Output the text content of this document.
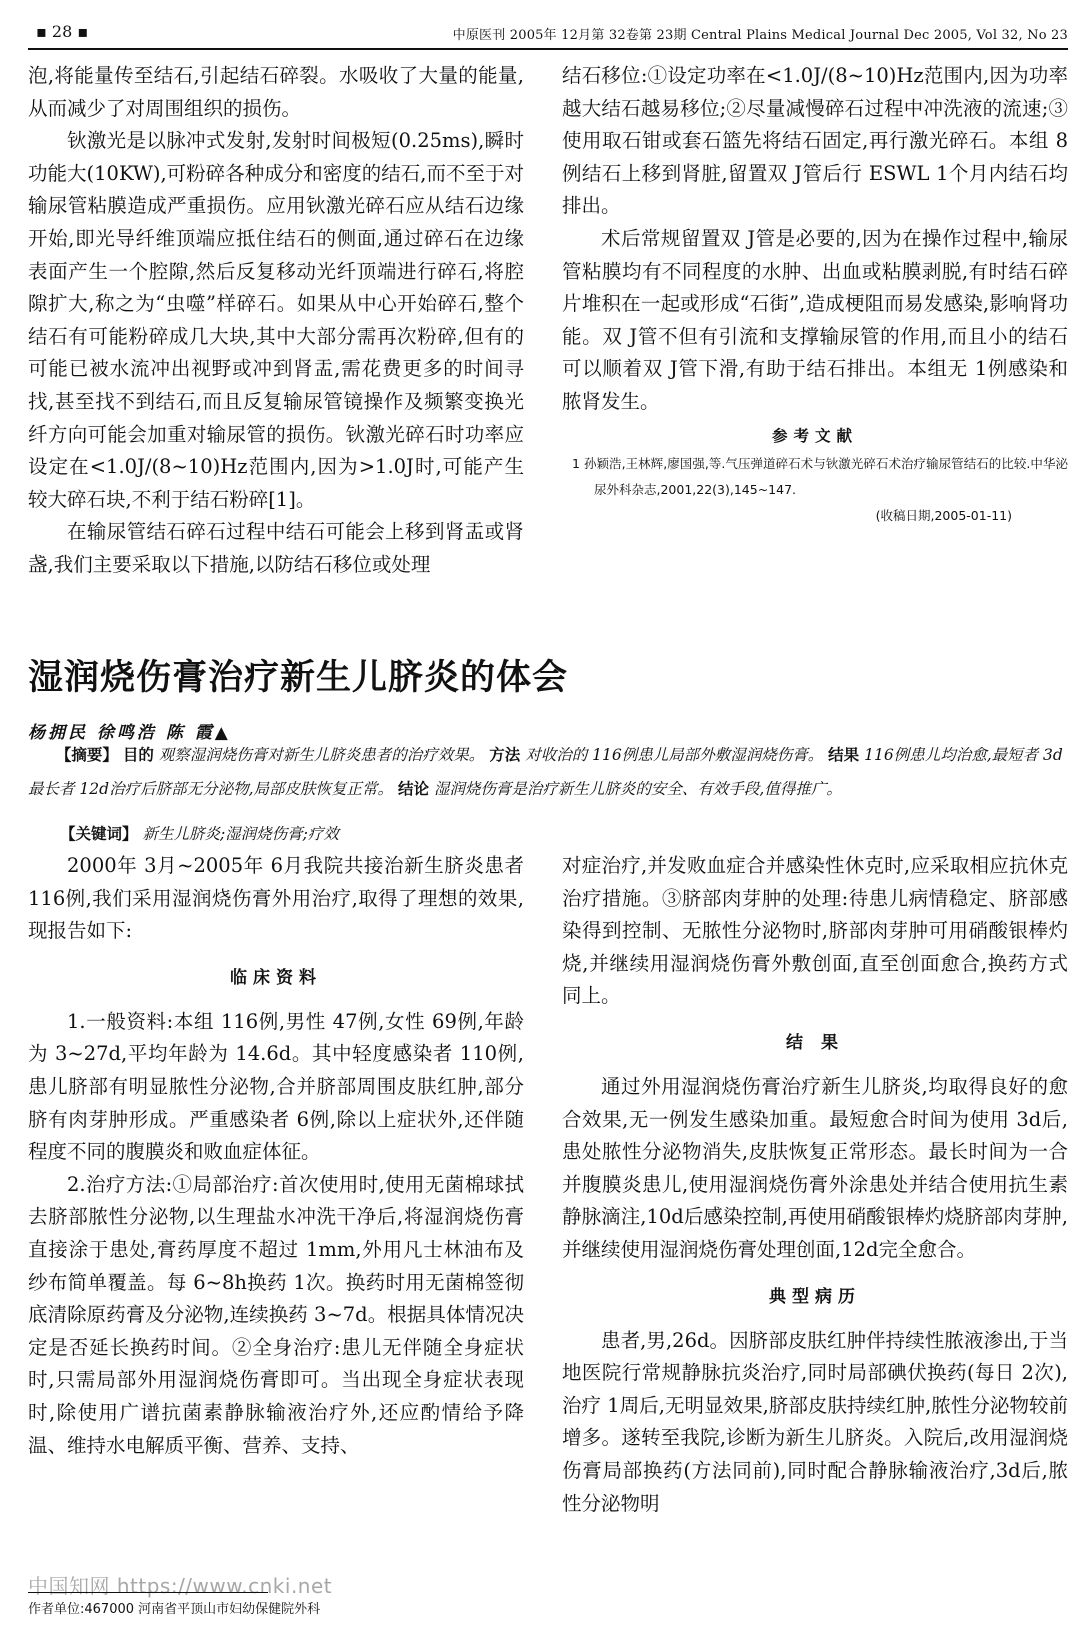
▪ 28 ▪	中原医刊 2005年 12月第 32卷第 23期 Central Plains Medical Journal Dec 2005, Vol 32, No 23

泡,将能量传至结石,引起结石碎裂。水吸收了大量的能量,从而减少了对周围组织的损伤。

钬激光是以脉冲式发射,发射时间极短(0.25ms),瞬时功能大(10KW),可粉碎各种成分和密度的结石,而不至于对输尿管粘膜造成严重损伤。应用钬激光碎石应从结石边缘开始,即光导纤维顶端应抵住结石的侧面,通过碎石在边缘表面产生一个腔隙,然后反复移动光纤顶端进行碎石,将腔隙扩大,称之为“虫噬”样碎石。如果从中心开始碎石,整个结石有可能粉碎成几大块,其中大部分需再次粉碎,但有的可能已被水流冲出视野或冲到肾盂,需花费更多的时间寻找,甚至找不到结石,而且反复输尿管镜操作及频繁变换光纤方向可能会加重对输尿管的损伤。钬激光碎石时功率应设定在<1.0J/(8~10)Hz范围内,因为>1.0J时,可能产生较大碎石块,不利于结石粉碎[1]。

在输尿管结石碎石过程中结石可能会上移到肾盂或肾盏,我们主要采取以下措施,以防结石移位或处理

结石移位:①设定功率在<1.0J/(8~10)Hz范围内,因为功率越大结石越易移位;②尽量减慢碎石过程中冲洗液的流速;③使用取石钳或套石篮先将结石固定,再行激光碎石。本组 8例结石上移到肾脏,留置双 J管后行 ESWL 1个月内结石均排出。

术后常规留置双 J管是必要的,因为在操作过程中,输尿管粘膜均有不同程度的水肿、出血或粘膜剥脱,有时结石碎片堆积在一起或形成“石街”,造成梗阻而易发感染,影响肾功能。双 J管不但有引流和支撑输尿管的作用,而且小的结石可以顺着双 J管下滑,有助于结石排出。本组无 1例感染和脓肾发生。

参考文献
1 孙颖浩,王林辉,廖国强,等.气压弹道碎石术与钬激光碎石术治疗输尿管结石的比较.中华泌尿外科杂志,2001,22(3),145~147.
(收稿日期,2005-01-11)
湿润烧伤膏治疗新生儿脐炎的体会
杨拥民 徐鸣浩 陈 霞▲

【摘要】 目的 观察湿润烧伤膏对新生儿脐炎患者的治疗效果。 方法 对收治的 116例患儿局部外敷湿润烧伤膏。 结果 116例患儿均治愈,最短者 3d最长者 12d治疗后脐部无分泌物,局部皮肤恢复正常。 结论 湿润烧伤膏是治疗新生儿脐炎的安全、有效手段,值得推广。

【关键词】 新生儿脐炎;湿润烧伤膏;疗效

2000年 3月~2005年 6月我院共接治新生脐炎患者 116例,我们采用湿润烧伤膏外用治疗,取得了理想的效果,现报告如下:

临床资料

1.一般资料:本组 116例,男性 47例,女性 69例,年龄为 3~27d,平均年龄为 14.6d。其中轻度感染者 110例,患儿脐部有明显脓性分泌物,合并脐部周围皮肤红肿,部分脐有肉芽肿形成。严重感染者 6例,除以上症状外,还伴随程度不同的腹膜炎和败血症体征。

2.治疗方法:①局部治疗:首次使用时,使用无菌棉球拭去脐部脓性分泌物,以生理盐水冲洗干净后,将湿润烧伤膏直接涂于患处,膏药厚度不超过 1mm,外用凡士林油布及纱布简单覆盖。每 6~8h换药 1次。换药时用无菌棉签彻底清除原药膏及分泌物,连续换药 3~7d。根据具体情况决定是否延长换药时间。②全身治疗:患儿无伴随全身症状时,只需局部外用湿润烧伤膏即可。当出现全身症状表现时,除使用广谱抗菌素静脉输液治疗外,还应酌情给予降温、维持水电解质平衡、营养、支持、

对症治疗,并发败血症合并感染性休克时,应采取相应抗休克治疗措施。③脐部肉芽肿的处理:待患儿病情稳定、脐部感染得到控制、无脓性分泌物时,脐部肉芽肿可用硝酸银棒灼烧,并继续用湿润烧伤膏外敷创面,直至创面愈合,换药方式同上。

结 果

通过外用湿润烧伤膏治疗新生儿脐炎,均取得良好的愈合效果,无一例发生感染加重。最短愈合时间为使用 3d后,患处脓性分泌物消失,皮肤恢复正常形态。最长时间为一合并腹膜炎患儿,使用湿润烧伤膏外涂患处并结合使用抗生素静脉滴注,10d后感染控制,再使用硝酸银棒灼烧脐部肉芽肿,并继续使用湿润烧伤膏处理创面,12d完全愈合。

典型病历

患者,男,26d。因脐部皮肤红肿伴持续性脓液渗出,于当地医院行常规静脉抗炎治疗,同时局部碘伏换药(每日 2次),治疗 1周后,无明显效果,脐部皮肤持续红肿,脓性分泌物较前增多。遂转至我院,诊断为新生儿脐炎。入院后,改用湿润烧伤膏局部换药(方法同前),同时配合静脉输液治疗,3d后,脓性分泌物明

中国知网 https://www.cnki.net
作者单位:467000 河南省平顶山市妇幼保健院外科
